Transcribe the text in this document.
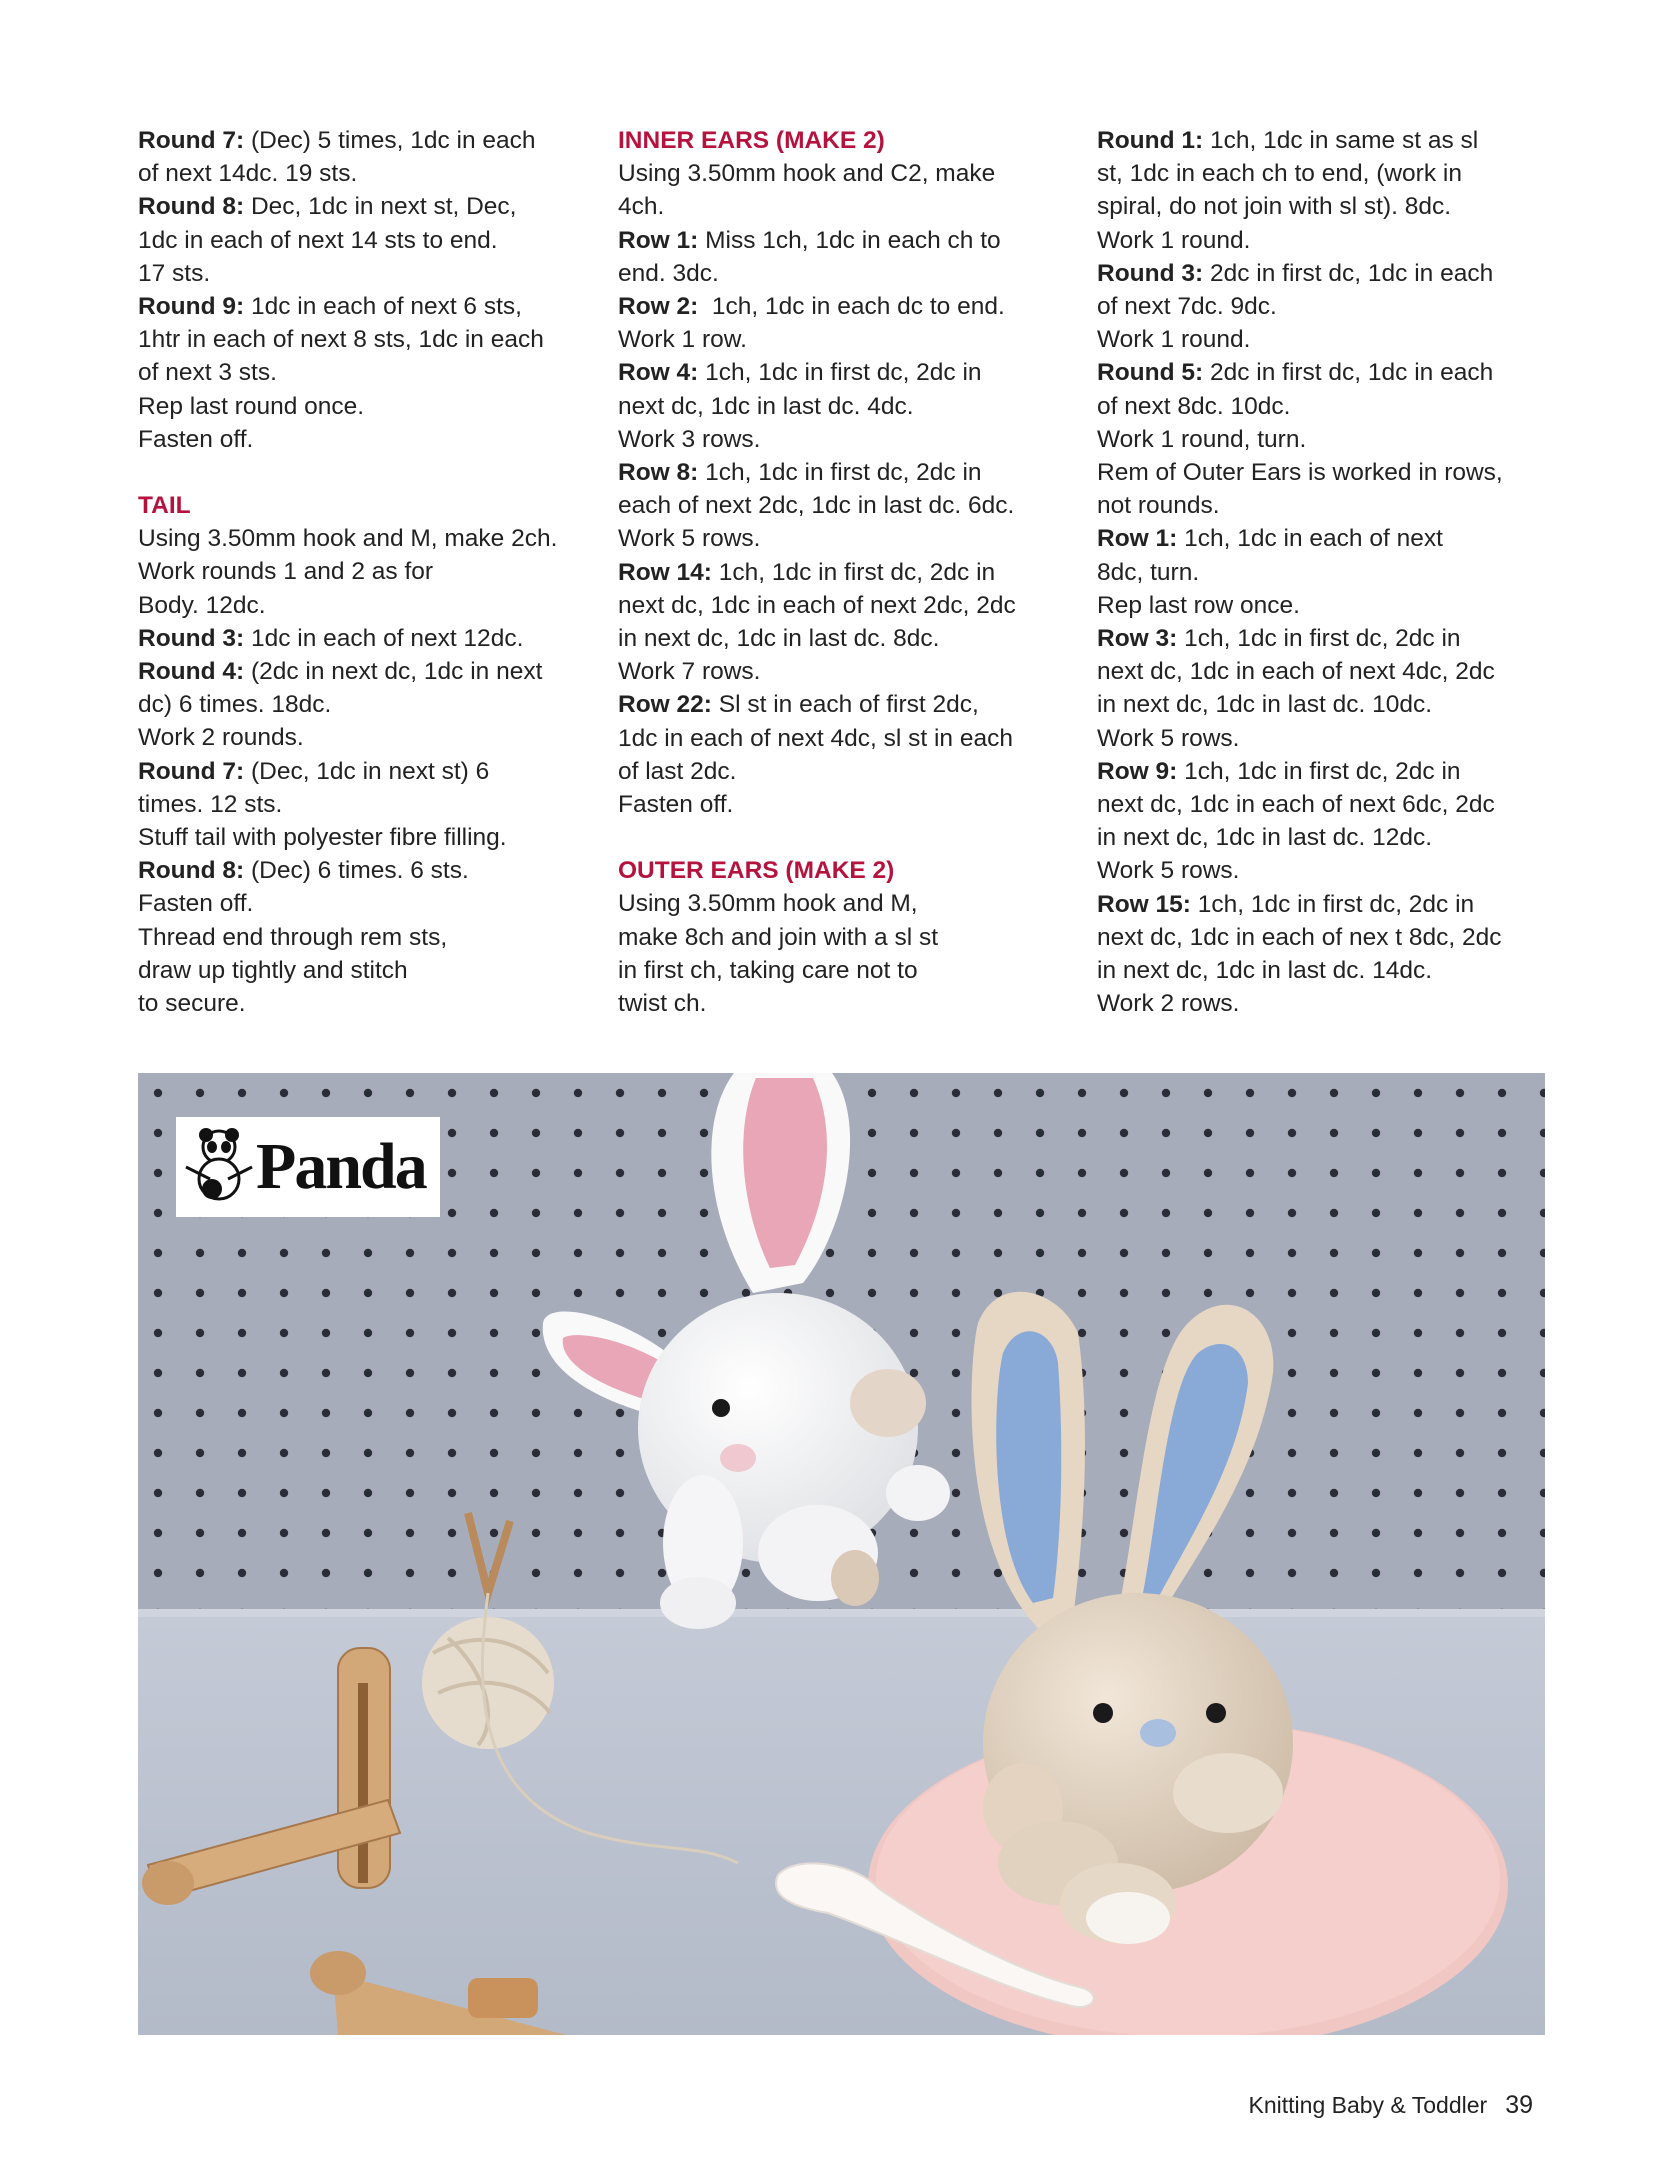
Round 7: (Dec) 5 times, 1dc in each
of next 14dc. 19 sts.
Round 8: Dec, 1dc in next st, Dec,
1dc in each of next 14 sts to end.
17 sts.
Round 9: 1dc in each of next 6 sts,
1htr in each of next 8 sts, 1dc in each
of next 3 sts.
Rep last round once.
Fasten off.
TAIL
Using 3.50mm hook and M, make 2ch.
Work rounds 1 and 2 as for
Body. 12dc.
Round 3: 1dc in each of next 12dc.
Round 4: (2dc in next dc, 1dc in next
dc) 6 times. 18dc.
Work 2 rounds.
Round 7: (Dec, 1dc in next st) 6
times. 12 sts.
Stuff tail with polyester fibre filling.
Round 8: (Dec) 6 times. 6 sts.
Fasten off.
Thread end through rem sts,
draw up tightly and stitch
to secure.
INNER EARS (MAKE 2)
Using 3.50mm hook and C2, make
4ch.
Row 1: Miss 1ch, 1dc in each ch to
end. 3dc.
Row 2:  1ch, 1dc in each dc to end.
Work 1 row.
Row 4: 1ch, 1dc in first dc, 2dc in
next dc, 1dc in last dc. 4dc.
Work 3 rows.
Row 8: 1ch, 1dc in first dc, 2dc in
each of next 2dc, 1dc in last dc. 6dc.
Work 5 rows.
Row 14: 1ch, 1dc in first dc, 2dc in
next dc, 1dc in each of next 2dc, 2dc
in next dc, 1dc in last dc. 8dc.
Work 7 rows.
Row 22: Sl st in each of first 2dc,
1dc in each of next 4dc, sl st in each
of last 2dc.
Fasten off.
OUTER EARS (MAKE 2)
Using 3.50mm hook and M,
make 8ch and join with a sl st
in first ch, taking care not to
twist ch.
Round 1: 1ch, 1dc in same st as sl
st, 1dc in each ch to end, (work in
spiral, do not join with sl st). 8dc.
Work 1 round.
Round 3: 2dc in first dc, 1dc in each
of next 7dc. 9dc.
Work 1 round.
Round 5: 2dc in first dc, 1dc in each
of next 8dc. 10dc.
Work 1 round, turn.
Rem of Outer Ears is worked in rows,
not rounds.
Row 1: 1ch, 1dc in each of next
8dc, turn.
Rep last row once.
Row 3: 1ch, 1dc in first dc, 2dc in
next dc, 1dc in each of next 4dc, 2dc
in next dc, 1dc in last dc. 10dc.
Work 5 rows.
Row 9: 1ch, 1dc in first dc, 2dc in
next dc, 1dc in each of next 6dc, 2dc
in next dc, 1dc in last dc. 12dc.
Work 5 rows.
Row 15: 1ch, 1dc in first dc, 2dc in
next dc, 1dc in each of nex t 8dc, 2dc
in next dc, 1dc in last dc. 14dc.
Work 2 rows.
Panda
Knitting Baby & Toddler 39
